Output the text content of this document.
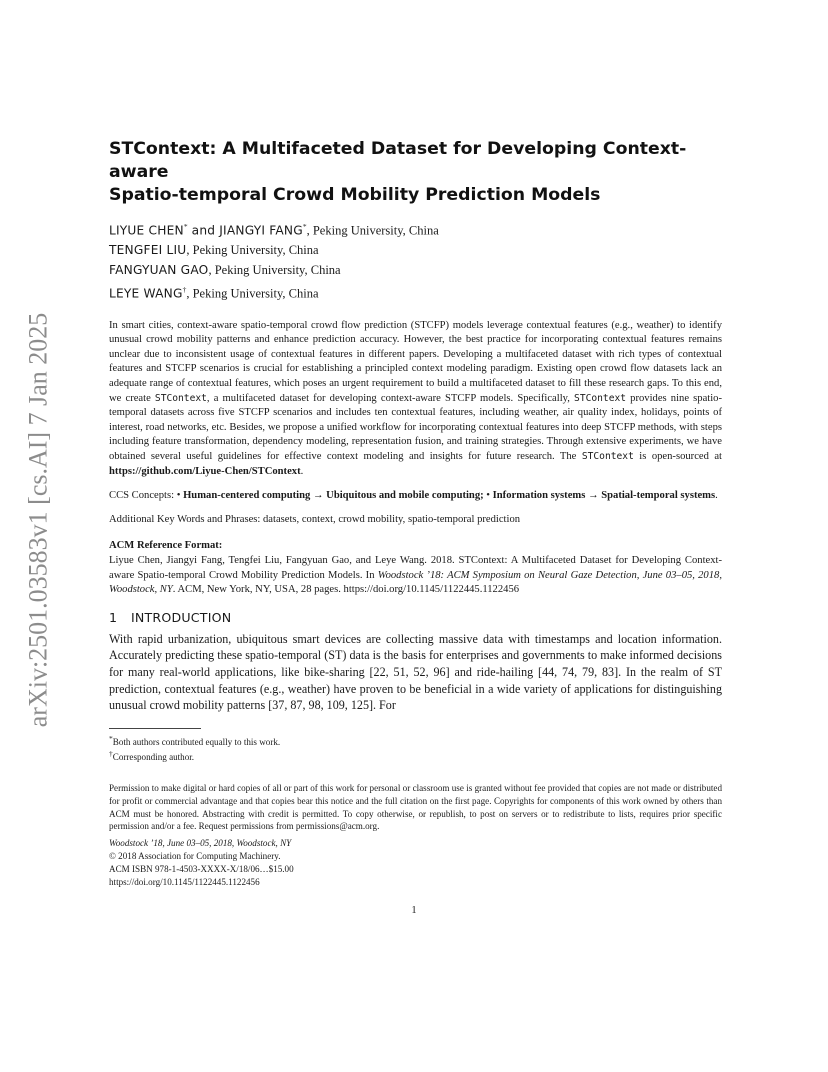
arXiv:2501.03583v1 [cs.AI] 7 Jan 2025
STContext: A Multifaceted Dataset for Developing Context-aware
Spatio-temporal Crowd Mobility Prediction Models
LIYUE CHEN* and JIANGYI FANG*, Peking University, China
TENGFEI LIU, Peking University, China
FANGYUAN GAO, Peking University, China
LEYE WANG†, Peking University, China

In smart cities, context-aware spatio-temporal crowd flow prediction (STCFP) models leverage contextual features (e.g., weather) to identify unusual crowd mobility patterns and enhance prediction accuracy. However, the best practice for incorporating contextual features remains unclear due to inconsistent usage of contextual features in different papers. Developing a multifaceted dataset with rich types of contextual features and STCFP scenarios is crucial for establishing a principled context modeling paradigm. Existing open crowd flow datasets lack an adequate range of contextual features, which poses an urgent requirement to build a multifaceted dataset to fill these research gaps. To this end, we create STContext, a multifaceted dataset for developing context-aware STCFP models. Specifically, STContext provides nine spatio-temporal datasets across five STCFP scenarios and includes ten contextual features, including weather, air quality index, holidays, points of interest, road networks, etc. Besides, we propose a unified workflow for incorporating contextual features into deep STCFP methods, with steps including feature transformation, dependency modeling, representation fusion, and training strategies. Through extensive experiments, we have obtained several useful guidelines for effective context modeling and insights for future research. The STContext is open-sourced at https://github.com/Liyue-Chen/STContext.

CCS Concepts: • Human-centered computing → Ubiquitous and mobile computing; • Information systems → Spatial-temporal systems.

Additional Key Words and Phrases: datasets, context, crowd mobility, spatio-temporal prediction

ACM Reference Format:

Liyue Chen, Jiangyi Fang, Tengfei Liu, Fangyuan Gao, and Leye Wang. 2018. STContext: A Multifaceted Dataset for Developing Context-aware Spatio-temporal Crowd Mobility Prediction Models. In Woodstock ’18: ACM Symposium on Neural Gaze Detection, June 03–05, 2018, Woodstock, NY. ACM, New York, NY, USA, 28 pages. https://doi.org/10.1145/1122445.1122456

1 INTRODUCTION

With rapid urbanization, ubiquitous smart devices are collecting massive data with timestamps and location information. Accurately predicting these spatio-temporal (ST) data is the basis for enterprises and governments to make informed decisions for many real-world applications, like bike-sharing [22, 51, 52, 96] and ride-hailing [44, 74, 79, 83]. In the realm of ST prediction, contextual features (e.g., weather) have proven to be beneficial in a wide variety of applications for distinguishing unusual crowd mobility patterns [37, 87, 98, 109, 125]. For

*Both authors contributed equally to this work.
†Corresponding author.

Permission to make digital or hard copies of all or part of this work for personal or classroom use is granted without fee provided that copies are not made or distributed for profit or commercial advantage and that copies bear this notice and the full citation on the first page. Copyrights for components of this work owned by others than ACM must be honored. Abstracting with credit is permitted. To copy otherwise, or republish, to post on servers or to redistribute to lists, requires prior specific permission and/or a fee. Request permissions from permissions@acm.org.

Woodstock ’18, June 03–05, 2018, Woodstock, NY
© 2018 Association for Computing Machinery.
ACM ISBN 978-1-4503-XXXX-X/18/06…$15.00
https://doi.org/10.1145/1122445.1122456
1
